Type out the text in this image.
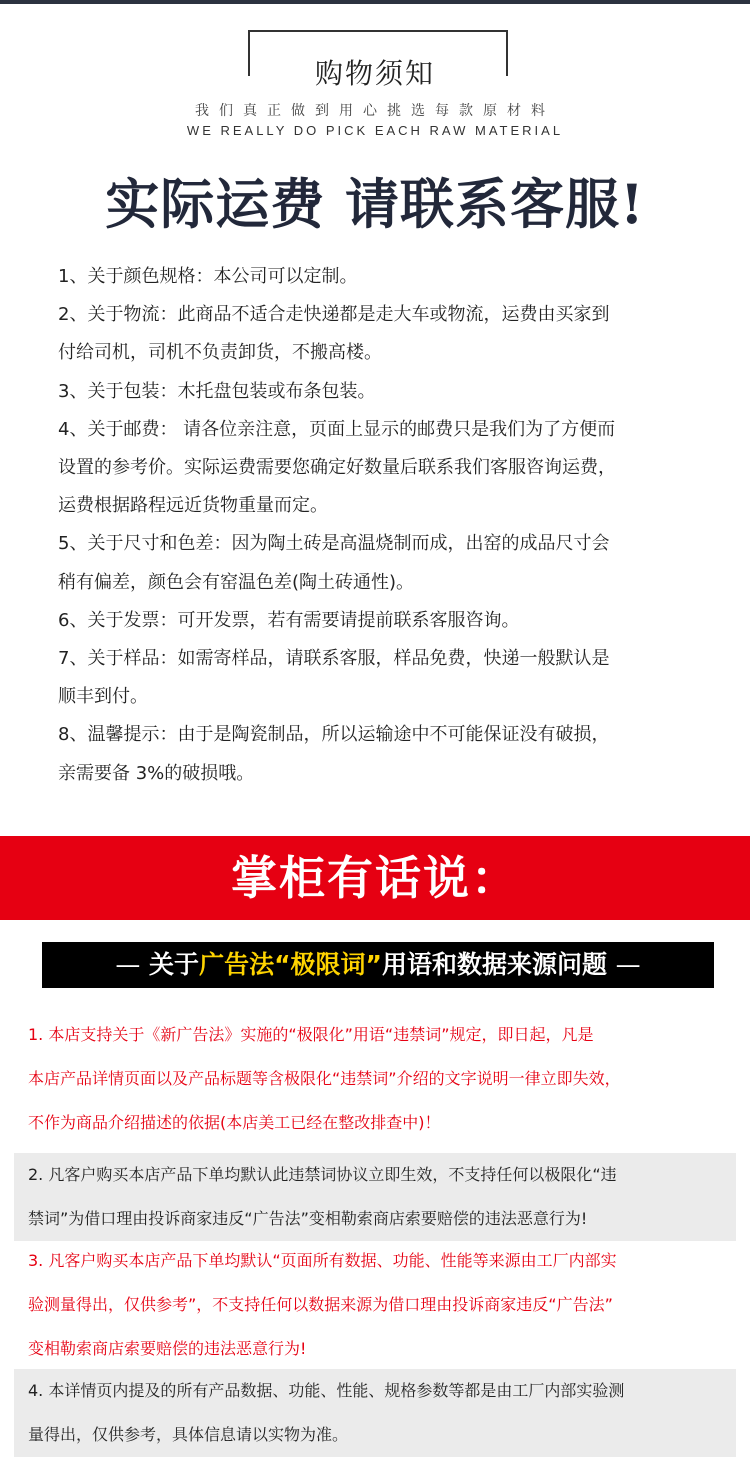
购物须知
我们真正做到用心挑选每款原材料
WE REALLY DO PICK EACH RAW MATERIAL
实际运费 请联系客服!
1、关于颜色规格：本公司可以定制。
2、关于物流：此商品不适合走快递都是走大车或物流，运费由买家到
付给司机，司机不负责卸货，不搬高楼。
3、关于包装：木托盘包装或布条包装。
4、关于邮费： 请各位亲注意，页面上显示的邮费只是我们为了方便而
设置的参考价。实际运费需要您确定好数量后联系我们客服咨询运费，
运费根据路程远近货物重量而定。
5、关于尺寸和色差：因为陶土砖是高温烧制而成，出窑的成品尺寸会
稍有偏差，颜色会有窑温色差(陶土砖通性)。
6、关于发票：可开发票，若有需要请提前联系客服咨询。
7、关于样品：如需寄样品，请联系客服，样品免费，快递一般默认是
顺丰到付。
8、温馨提示：由于是陶瓷制品，所以运输途中不可能保证没有破损，
亲需要备 3%的破损哦。
掌柜有话说：
— 关于广告法“极限词”用语和数据来源问题 —
1. 本店支持关于《新广告法》实施的“极限化”用语“违禁词”规定，即日起，凡是
本店产品详情页面以及产品标题等含极限化“违禁词”介绍的文字说明一律立即失效，
不作为商品介绍描述的依据(本店美工已经在整改排查中)！
2. 凡客户购买本店产品下单均默认此违禁词协议立即生效，不支持任何以极限化“违
禁词”为借口理由投诉商家违反“广告法”变相勒索商店索要赔偿的违法恶意行为!
3. 凡客户购买本店产品下单均默认“页面所有数据、功能、性能等来源由工厂内部实
验测量得出，仅供参考”，不支持任何以数据来源为借口理由投诉商家违反“广告法”
变相勒索商店索要赔偿的违法恶意行为!
4. 本详情页内提及的所有产品数据、功能、性能、规格参数等都是由工厂内部实验测
量得出，仅供参考，具体信息请以实物为准。
